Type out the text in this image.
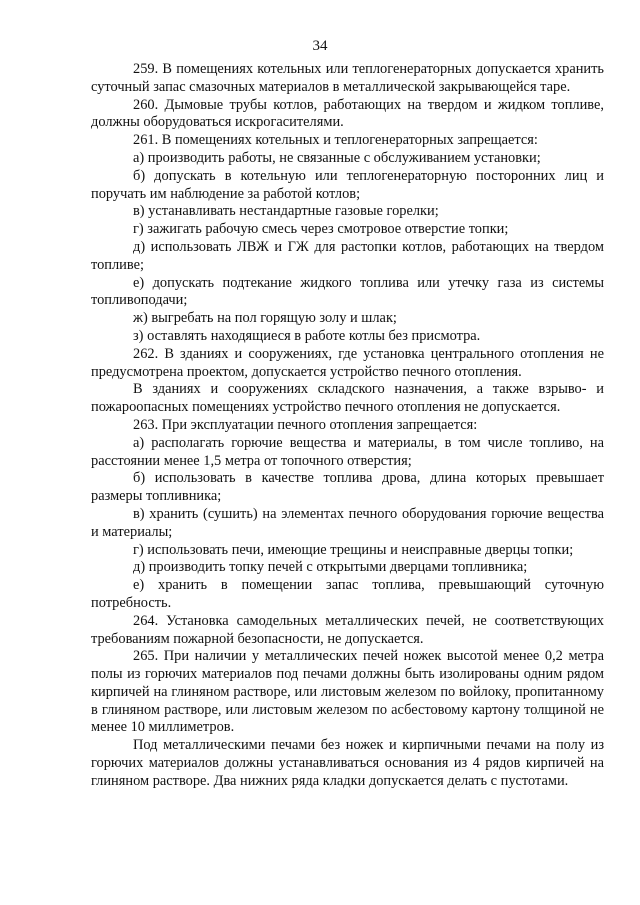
34

259. В помещениях котельных или теплогенераторных допускается хранить суточный запас смазочных материалов в металлической закрывающейся таре.

260. Дымовые трубы котлов, работающих на твердом и жидком топливе, должны оборудоваться искрогасителями.

261. В помещениях котельных и теплогенераторных запрещается:

а) производить работы, не связанные с обслуживанием установки;

б) допускать в котельную или теплогенераторную посторонних лиц и поручать им наблюдение за работой котлов;

в) устанавливать нестандартные газовые горелки;

г) зажигать рабочую смесь через смотровое отверстие топки;

д) использовать ЛВЖ и ГЖ для растопки котлов, работающих на твердом топливе;

е) допускать подтекание жидкого топлива или утечку газа из системы топливоподачи;

ж) выгребать на пол горящую золу и шлак;

з) оставлять находящиеся в работе котлы без присмотра.

262. В зданиях и сооружениях, где установка центрального отопления не предусмотрена проектом, допускается устройство печного отопления.

В зданиях и сооружениях складского назначения, а также взрыво- и пожароопасных помещениях устройство печного отопления не допускается.

263. При эксплуатации печного отопления запрещается:

а) располагать горючие вещества и материалы, в том числе топливо, на расстоянии менее 1,5 метра от топочного отверстия;

б) использовать в качестве топлива дрова, длина которых превышает размеры топливника;

в) хранить (сушить) на элементах печного оборудования горючие вещества и материалы;

г) использовать печи, имеющие трещины и неисправные дверцы топки;

д) производить топку печей с открытыми дверцами топливника;

е) хранить в помещении запас топлива, превышающий суточную потребность.

264. Установка самодельных металлических печей, не соответствующих требованиям пожарной безопасности, не допускается.

265. При наличии у металлических печей ножек высотой менее 0,2 метра полы из горючих материалов под печами должны быть изолированы одним рядом кирпичей на глиняном растворе, или листовым железом по войлоку, пропитанному в глиняном растворе, или листовым железом по асбестовому картону толщиной не менее 10 миллиметров.

Под металлическими печами без ножек и кирпичными печами на полу из горючих материалов должны устанавливаться основания из 4 рядов кирпичей на глиняном растворе. Два нижних ряда кладки допускается делать с пустотами.
